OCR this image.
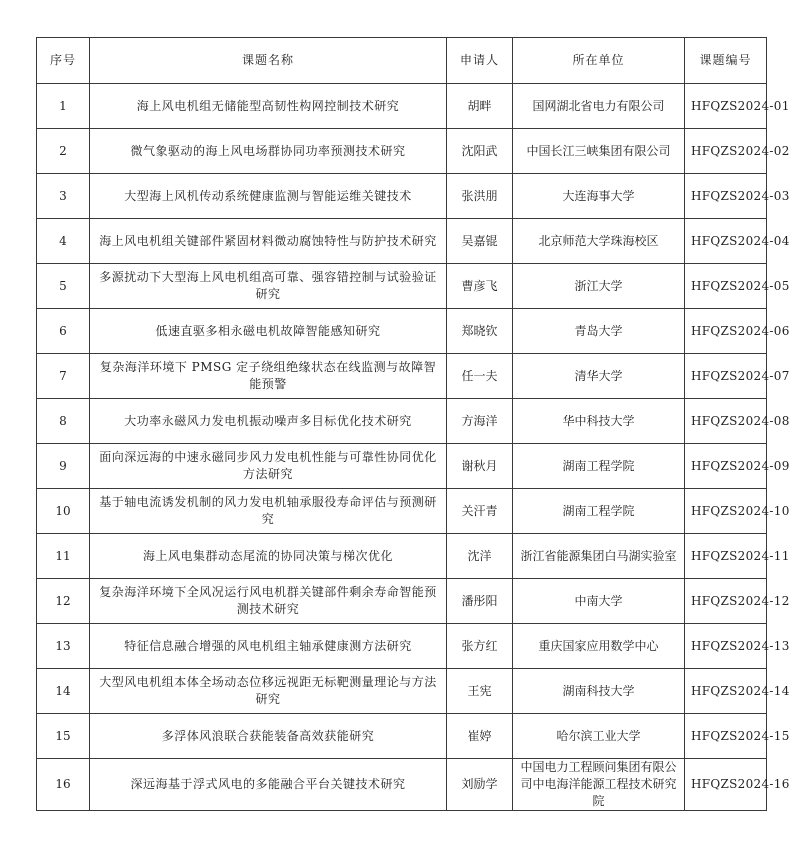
序号	课题名称	申请人	所在单位	课题编号
1	海上风电机组无储能型高韧性构网控制技术研究	胡畔	国网湖北省电力有限公司	HFQZS2024-01
2	微气象驱动的海上风电场群协同功率预测技术研究	沈阳武	中国长江三峡集团有限公司	HFQZS2024-02
3	大型海上风机传动系统健康监测与智能运维关键技术	张洪朋	大连海事大学	HFQZS2024-03
4	海上风电机组关键部件紧固材料微动腐蚀特性与防护技术研究	吴嘉锟	北京师范大学珠海校区	HFQZS2024-04
5	多源扰动下大型海上风电机组高可靠、强容错控制与试验验证研究	曹彦飞	浙江大学	HFQZS2024-05
6	低速直驱多相永磁电机故障智能感知研究	郑晓钦	青岛大学	HFQZS2024-06
7	复杂海洋环境下 PMSG 定子绕组绝缘状态在线监测与故障智能预警	任一夫	清华大学	HFQZS2024-07
8	大功率永磁风力发电机振动噪声多目标优化技术研究	方海洋	华中科技大学	HFQZS2024-08
9	面向深远海的中速永磁同步风力发电机性能与可靠性协同优化方法研究	谢秋月	湖南工程学院	HFQZS2024-09
10	基于轴电流诱发机制的风力发电机轴承服役寿命评估与预测研究	关汗青	湖南工程学院	HFQZS2024-10
11	海上风电集群动态尾流的协同决策与梯次优化	沈洋	浙江省能源集团白马湖实验室	HFQZS2024-11
12	复杂海洋环境下全风况运行风电机群关键部件剩余寿命智能预测技术研究	潘彤阳	中南大学	HFQZS2024-12
13	特征信息融合增强的风电机组主轴承健康测方法研究	张方红	重庆国家应用数学中心	HFQZS2024-13
14	大型风电机组本体全场动态位移远视距无标靶测量理论与方法研究	王宪	湖南科技大学	HFQZS2024-14
15	多浮体风浪联合获能装备高效获能研究	崔婷	哈尔滨工业大学	HFQZS2024-15
16	深远海基于浮式风电的多能融合平台关键技术研究	刘励学	中国电力工程顾问集团有限公司中电海洋能源工程技术研究院	HFQZS2024-16
